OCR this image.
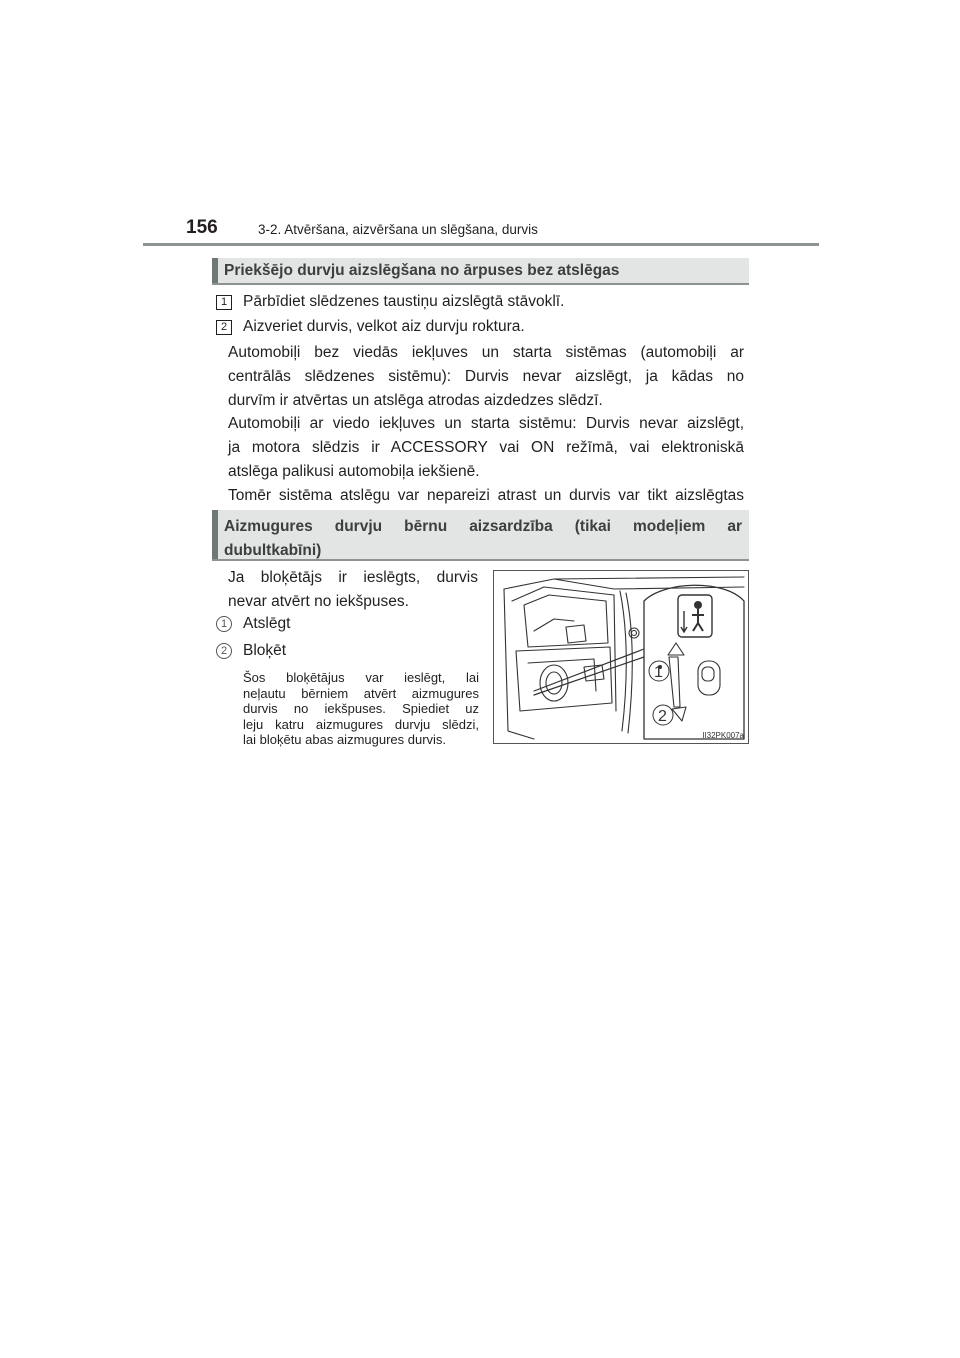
156	3-2. Atvēršana, aizvēršana un slēgšana, durvis
Priekšējo durvju aizslēgšana no ārpuses bez atslēgas
1	Pārbīdiet slēdzenes taustiņu aizslēgtā stāvoklī.
2	Aizveriet durvis, velkot aiz durvju roktura.
Automobiļi bez viedās iekļuves un starta sistēmas (automobiļi ar
centrālās slēdzenes sistēmu): Durvis nevar aizslēgt, ja kādas no
durvīm ir atvērtas un atslēga atrodas aizdedzes slēdzī.
Automobiļi ar viedo iekļuves un starta sistēmu: Durvis nevar aizslēgt,
ja motora slēdzis ir ACCESSORY vai ON režīmā, vai elektroniskā
atslēga palikusi automobiļa iekšienē.
Tomēr sistēma atslēgu var nepareizi atrast un durvis var tikt aizslēgtas
Aizmugures durvju bērnu aizsardzība (tikai modeļiem ar
dubultkabīni)
Ja bloķētājs ir ieslēgts, durvis
nevar atvērt no iekšpuses.
1	Atslēgt
2	Bloķēt
Šos bloķētājus var ieslēgt, lai
neļautu bērniem atvērt aizmugures
durvis no iekšpuses. Spiediet uz
leju katru aizmugures durvju slēdzi,
lai bloķētu abas aizmugures durvis.
1
2
II32PK007a
